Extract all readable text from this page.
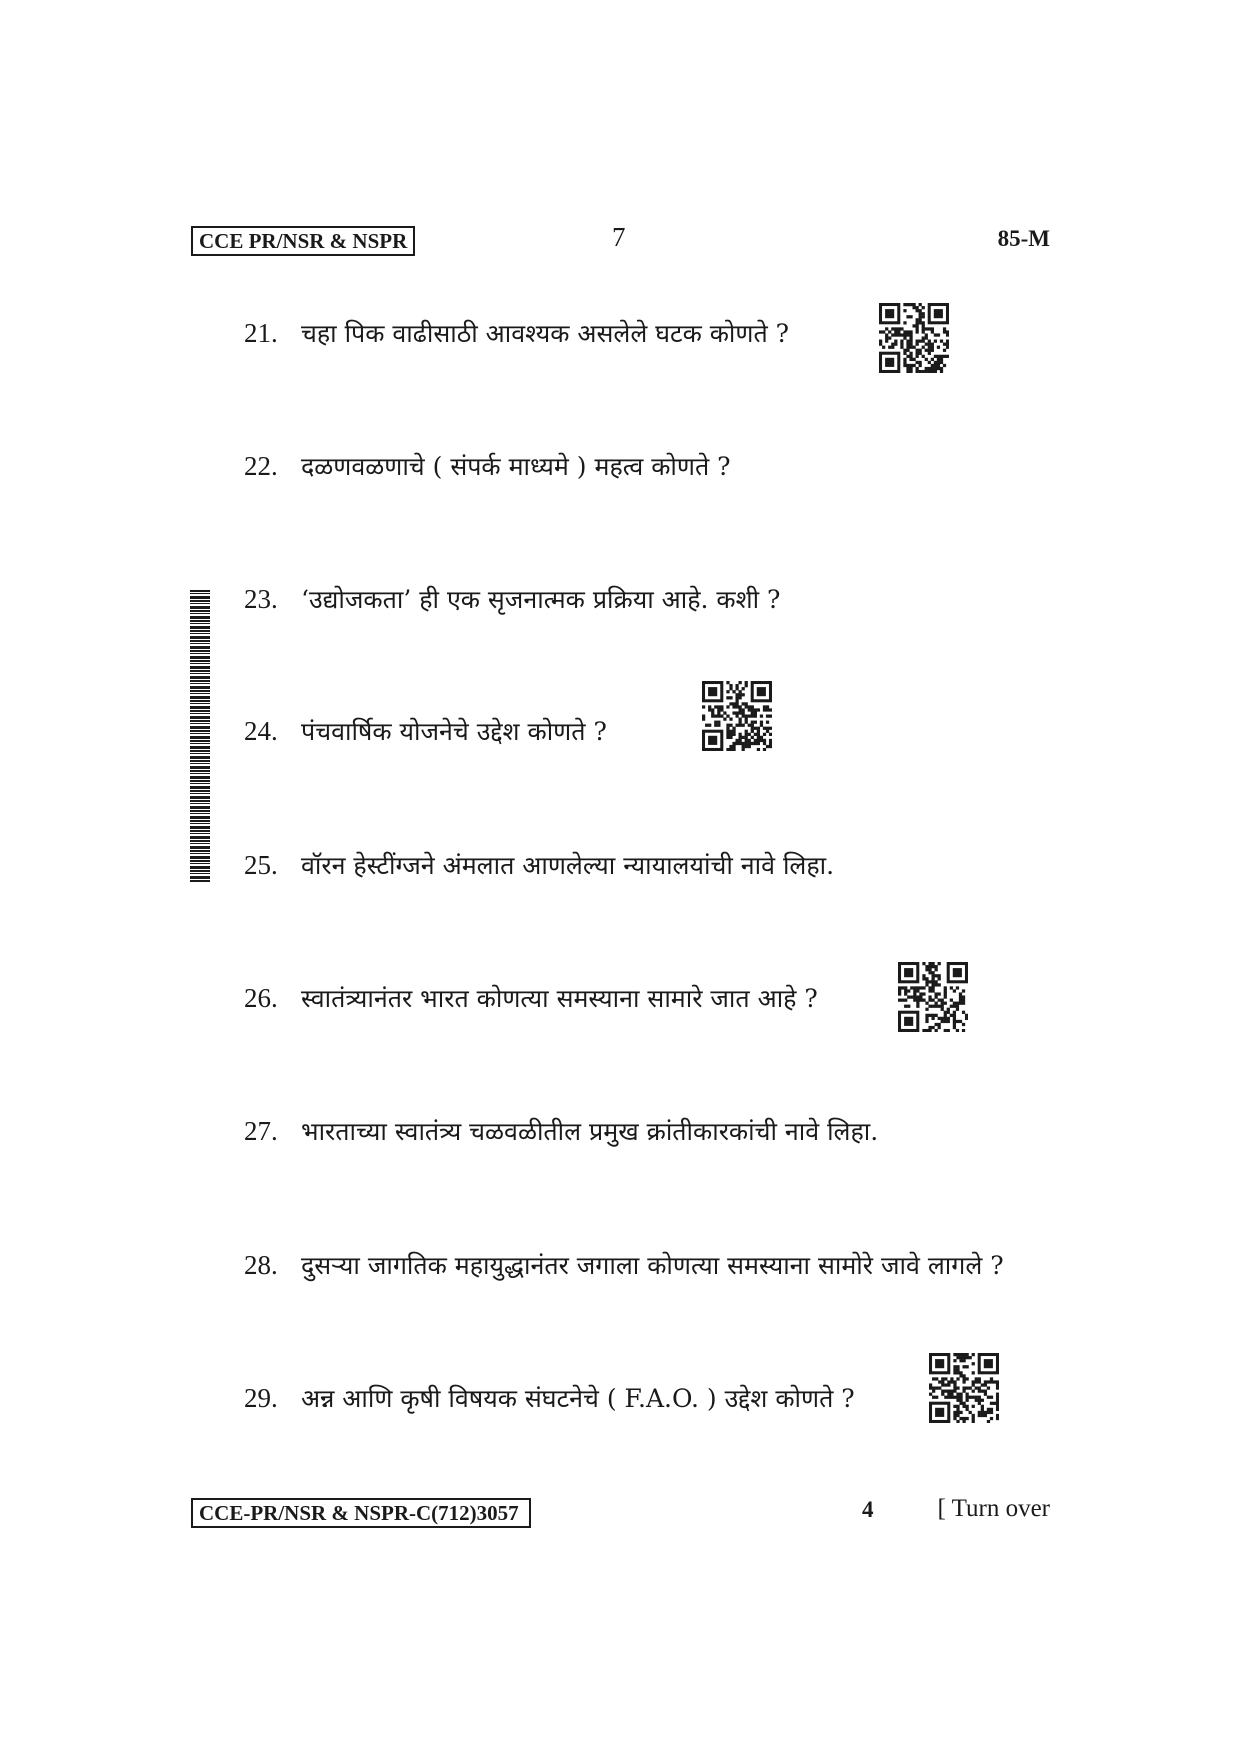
CCE PR/NSR & NSPR	7	85-M
21. चहा पिक वाढीसाठी आवश्यक असलेले घटक कोणते ?
22. दळणवळणाचे ( संपर्क माध्यमे ) महत्व कोणते ?
23. ‘उद्योजकता’ ही एक सृजनात्मक प्रक्रिया आहे. कशी ?
24. पंचवार्षिक योजनेचे उद्देश कोणते ?
25. वॉरन हेस्टींग्जने अंमलात आणलेल्या न्यायालयांची नावे लिहा.
26. स्वातंत्र्यानंतर भारत कोणत्या समस्याना सामारे जात आहे ?
27. भारताच्या स्वातंत्र्य चळवळीतील प्रमुख क्रांतीकारकांची नावे लिहा.
28. दुसऱ्या जागतिक महायुद्धानंतर जगाला कोणत्या समस्याना सामोरे जावे लागले ?
29. अन्न आणि कृषी विषयक संघटनेचे ( F.A.O. ) उद्देश कोणते ?
CCE-PR/NSR & NSPR-C(712)3057	4	[ Turn over
